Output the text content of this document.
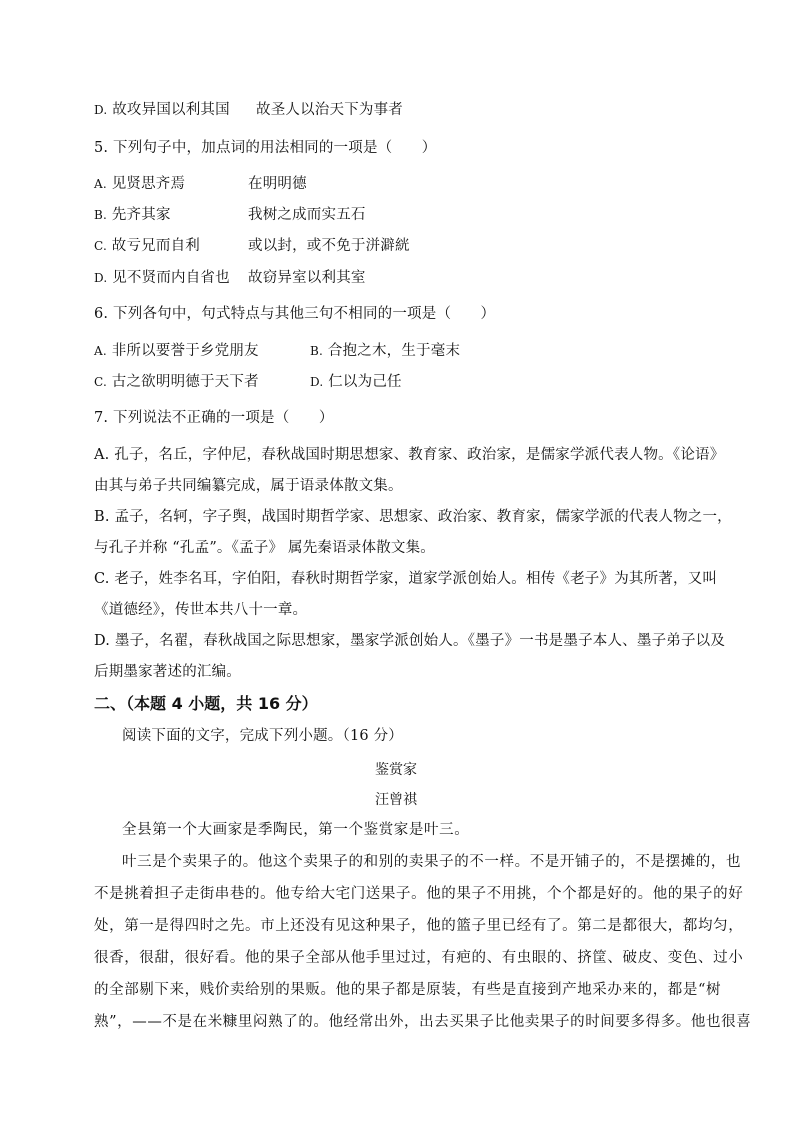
D. 故攻异国以利其国 故圣人以治天下为事者
5. 下列句子中，加点词的用法相同的一项是（　　）
A. 见贤思齐焉	在明明德
B. 先齐其家	我树之成而实五石
C. 故亏兄而自利	或以封，或不免于洴澼絖
D. 见不贤而内自省也 故窃异室以利其室
6. 下列各句中，句式特点与其他三句不相同的一项是（　　）
A. 非所以要誉于乡党朋友	B. 合抱之木，生于毫末
C. 古之欲明明德于天下者	D. 仁以为己任
7. 下列说法不正确的一项是（　　）
A. 孔子，名丘，字仲尼，春秋战国时期思想家、教育家、政治家，是儒家学派代表人物。《论语》
由其与弟子共同编纂完成，属于语录体散文集。
B. 孟子，名轲，字子舆，战国时期哲学家、思想家、政治家、教育家，儒家学派的代表人物之一，
与孔子并称 “孔孟”。《孟子》 属先秦语录体散文集。
C. 老子，姓李名耳，字伯阳，春秋时期哲学家，道家学派创始人。相传《老子》为其所著，又叫
《道德经》，传世本共八十一章。
D. 墨子，名翟，春秋战国之际思想家，墨家学派创始人。《墨子》一书是墨子本人、墨子弟子以及
后期墨家著述的汇编。
二、（本题 4 小题，共 16 分）
阅读下面的文字，完成下列小题。（16 分）
鉴赏家
汪曾祺
全县第一个大画家是季陶民，第一个鉴赏家是叶三。
叶三是个卖果子的。他这个卖果子的和别的卖果子的不一样。不是开铺子的，不是摆摊的，也
不是挑着担子走街串巷的。他专给大宅门送果子。他的果子不用挑，个个都是好的。他的果子的好
处，第一是得四时之先。市上还没有见这种果子，他的篮子里已经有了。第二是都很大，都均匀，
很香，很甜，很好看。他的果子全部从他手里过过，有疤的、有虫眼的、挤筐、破皮、变色、过小
的全部剔下来，贱价卖给别的果贩。他的果子都是原装，有些是直接到产地采办来的，都是“树
熟”，——不是在米糠里闷熟了的。他经常出外，出去买果子比他卖果子的时间要多得多。他也很喜
